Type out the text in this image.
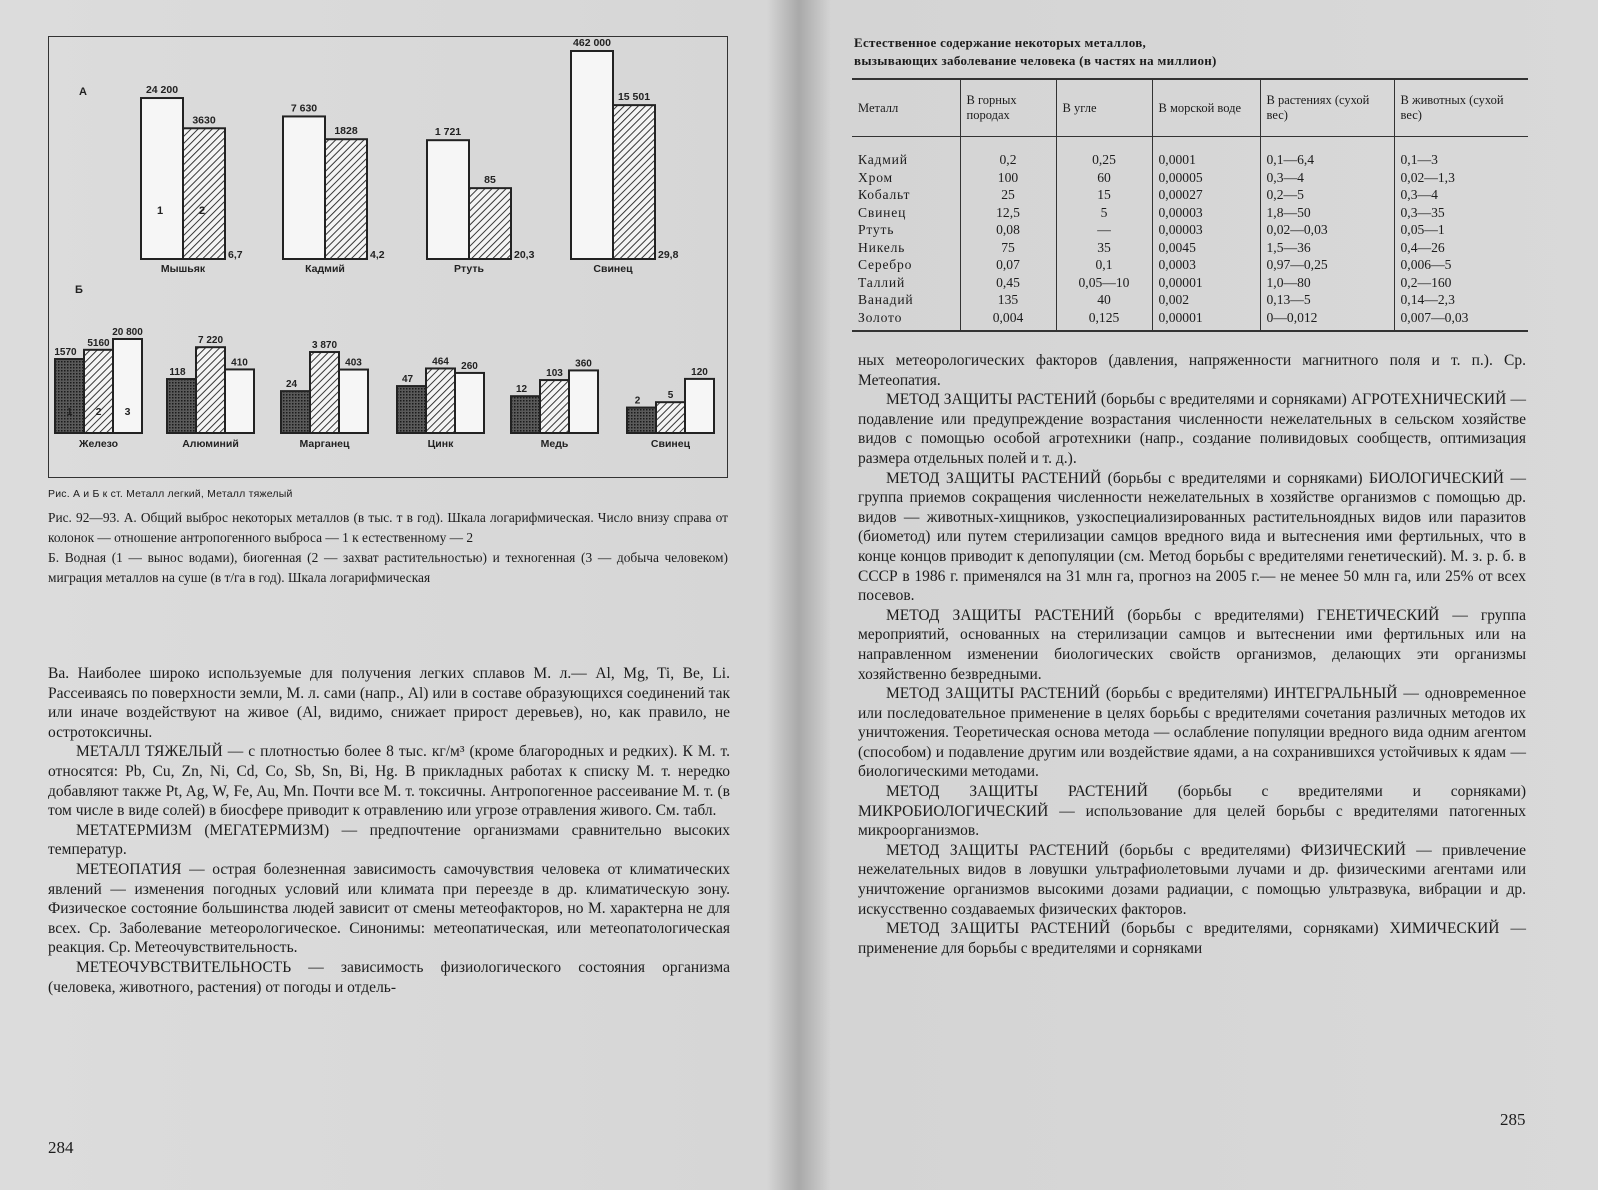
А	24 200
3630
6,7
Мышьяк
1	2
7 630
1828
4,2
Кадмий
1 721
85
20,3
Ртуть
462 000
15 501
29,8
Свинец
Б
1570
5160
20 800
Железо
1 2 3
118
7 220
410
Алюминий
24
3 870
403
Марганец
47
464 260
Цинк
12
103
360
Медь
2	5
120
Свинец
Рис. А и Б к ст. Металл легкий, Металл тяжелый
Рис. 92—93. А. Общий выброс некоторых металлов (в тыс. т в год). Шкала логарифмическая. Число внизу справа от колонок — отношение антропогенного выброса — 1 к естественному — 2
Б. Водная (1 — вынос водами), биогенная (2 — захват растительностью) и техногенная (3 — добыча человеком) миграция металлов на суше (в т/га в год). Шкала логарифмическая

Ва. Наиболее широко используемые для получения легких сплавов М. л.— Al, Mg, Ti, Be, Li. Рассеиваясь по поверхности земли, М. л. сами (напр., Al) или в составе образующихся соединений так или иначе воздействуют на живое (Al, видимо, снижает прирост деревьев), но, как правило, не остротоксичны.

МЕТАЛЛ ТЯЖЕЛЫЙ — с плотностью более 8 тыс. кг/м³ (кроме благородных и редких). К М. т. относятся: Pb, Cu, Zn, Ni, Cd, Co, Sb, Sn, Bi, Hg. В прикладных работах к списку М. т. нередко добавляют также Pt, Ag, W, Fe, Au, Mn. Почти все М. т. токсичны. Антропогенное рассеивание М. т. (в том числе в виде солей) в биосфере приводит к отравлению или угрозе отравления живого. См. табл.

МЕТАТЕРМИЗМ (МЕГАТЕРМИЗМ) — предпочтение организмами сравнительно высоких температур.

МЕТЕОПАТИЯ — острая болезненная зависимость самочувствия человека от климатических явлений — изменения погодных условий или климата при переезде в др. климатическую зону. Физическое состояние большинства людей зависит от смены метеофакторов, но М. характерна не для всех. Ср. Заболевание метеорологическое. Синонимы: метеопатическая, или метеопатологическая реакция. Ср. Метеочувствительность.

МЕТЕОЧУВСТВИТЕЛЬНОСТЬ — зависимость физиологического состояния организма (человека, животного, растения) от погоды и отдель-

284
Естественное содержание некоторых металлов,
вызывающих заболевание человека (в частях на миллион)
Металл	В горных породах	В угле	В морской воде	В растениях (сухой вес)	В животных (сухой вес)
Кадмий	0,2	0,25	0,0001	0,1—6,4	0,1—3
Хром	100	60	0,00005	0,3—4	0,02—1,3
Кобальт	25	15	0,00027	0,2—5	0,3—4
Свинец	12,5	5	0,00003	1,8—50	0,3—35
Ртуть	0,08	—	0,00003	0,02—0,03	0,05—1
Никель	75	35	0,0045	1,5—36	0,4—26
Серебро	0,07	0,1	0,0003	0,97—0,25	0,006—5
Таллий	0,45	0,05—10	0,00001	1,0—80	0,2—160
Ванадий	135	40	0,002	0,13—5	0,14—2,3
Золото	0,004	0,125	0,00001	0—0,012	0,007—0,03

ных метеорологических факторов (давления, напряженности магнитного поля и т. п.). Ср. Метеопатия.

МЕТОД ЗАЩИТЫ РАСТЕНИЙ (борьбы с вредителями и сорняками) АГРОТЕХНИЧЕСКИЙ — подавление или предупреждение возрастания численности нежелательных в сельском хозяйстве видов с помощью особой агротехники (напр., создание поливидовых сообществ, оптимизация размера отдельных полей и т. д.).

МЕТОД ЗАЩИТЫ РАСТЕНИЙ (борьбы с вредителями и сорняками) БИОЛОГИЧЕСКИЙ — группа приемов сокращения численности нежелательных в хозяйстве организмов с помощью др. видов — животных-хищников, узкоспециализированных растительноядных видов или паразитов (биометод) или путем стерилизации самцов вредного вида и вытеснения ими фертильных, что в конце концов приводит к депопуляции (см. Метод борьбы с вредителями генетический). М. з. р. б. в СССР в 1986 г. применялся на 31 млн га, прогноз на 2005 г.— не менее 50 млн га, или 25% от всех посевов.

МЕТОД ЗАЩИТЫ РАСТЕНИЙ (борьбы с вредителями) ГЕНЕТИЧЕСКИЙ — группа мероприятий, основанных на стерилизации самцов и вытеснении ими фертильных или на направленном изменении биологических свойств организмов, делающих эти организмы хозяйственно безвредными.

МЕТОД ЗАЩИТЫ РАСТЕНИЙ (борьбы с вредителями) ИНТЕГРАЛЬНЫЙ — одновременное или последовательное применение в целях борьбы с вредителями сочетания различных методов их уничтожения. Теоретическая основа метода — ослабление популяции вредного вида одним агентом (способом) и подавление другим или воздействие ядами, а на сохранившихся устойчивых к ядам — биологическими методами.

МЕТОД ЗАЩИТЫ РАСТЕНИЙ (борьбы с вредителями и сорняками) МИКРОБИОЛОГИЧЕСКИЙ — использование для целей борьбы с вредителями патогенных микроорганизмов.

МЕТОД ЗАЩИТЫ РАСТЕНИЙ (борьбы с вредителями) ФИЗИЧЕСКИЙ — привлечение нежелательных видов в ловушки ультрафиолетовыми лучами и др. физическими агентами или уничтожение организмов высокими дозами радиации, с помощью ультразвука, вибрации и др. искусственно создаваемых физических факторов.

МЕТОД ЗАЩИТЫ РАСТЕНИЙ (борьбы с вредителями, сорняками) ХИМИЧЕСКИЙ — применение для борьбы с вредителями и сорняками

285
